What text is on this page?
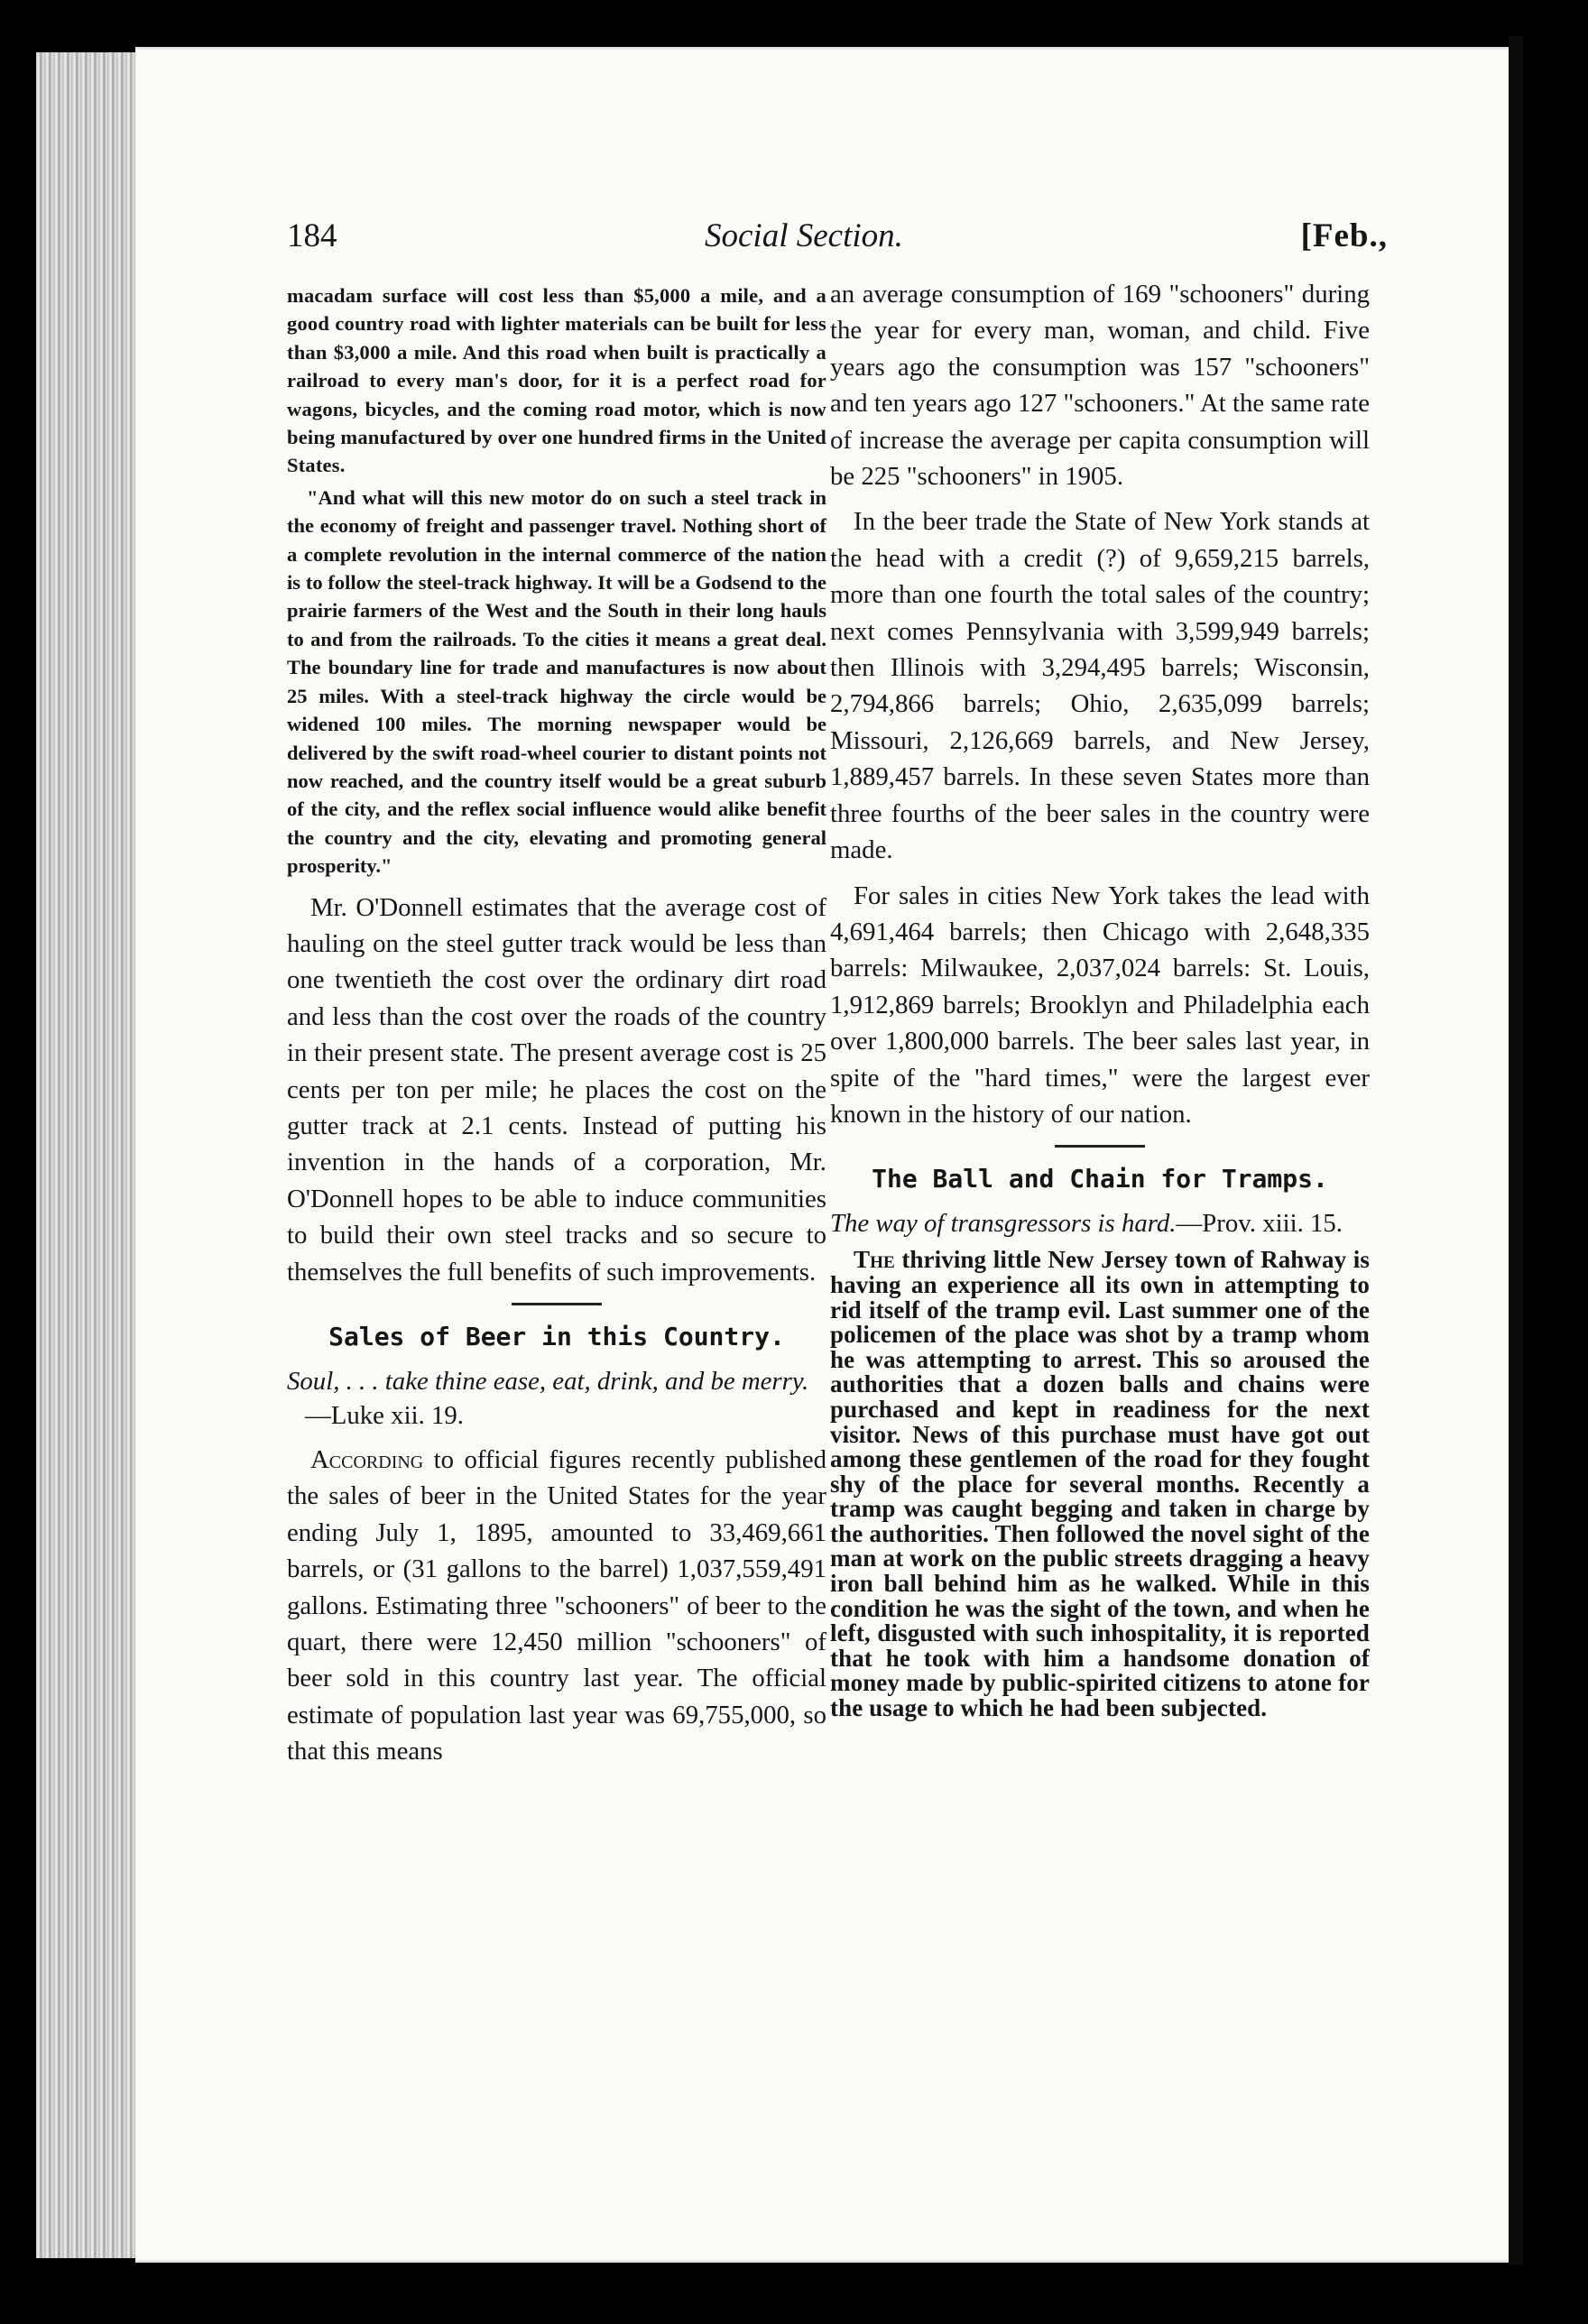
184	Social Section.	[Feb.,

macadam surface will cost less than $5,000 a mile, and a good country road with lighter materials can be built for less than $3,000 a mile. And this road when built is practically a railroad to every man's door, for it is a perfect road for wagons, bicycles, and the coming road motor, which is now being manufactured by over one hundred firms in the United States.

"And what will this new motor do on such a steel track in the economy of freight and passenger travel. Nothing short of a complete revolution in the internal commerce of the nation is to follow the steel-track highway. It will be a Godsend to the prairie farmers of the West and the South in their long hauls to and from the railroads. To the cities it means a great deal. The boundary line for trade and manufactures is now about 25 miles. With a steel-track highway the circle would be widened 100 miles. The morning newspaper would be delivered by the swift road-wheel courier to distant points not now reached, and the country itself would be a great suburb of the city, and the reflex social influence would alike benefit the country and the city, elevating and promoting general prosperity."

Mr. O'Donnell estimates that the average cost of hauling on the steel gutter track would be less than one twentieth the cost over the ordinary dirt road and less than the cost over the roads of the country in their present state. The present average cost is 25 cents per ton per mile; he places the cost on the gutter track at 2.1 cents. Instead of putting his invention in the hands of a corporation, Mr. O'Donnell hopes to be able to induce communities to build their own steel tracks and so secure to themselves the full benefits of such improvements.

Sales of Beer in this Country.

Soul, . . . take thine ease, eat, drink, and be merry.—Luke xii. 19.

According to official figures recently published the sales of beer in the United States for the year ending July 1, 1895, amounted to 33,469,661 barrels, or (31 gallons to the barrel) 1,037,559,491 gallons. Estimating three "schooners" of beer to the quart, there were 12,450 million "schooners" of beer sold in this country last year. The official estimate of population last year was 69,755,000, so that this means

an average consumption of 169 "schooners" during the year for every man, woman, and child. Five years ago the consumption was 157 "schooners" and ten years ago 127 "schooners." At the same rate of increase the average per capita consumption will be 225 "schooners" in 1905.

In the beer trade the State of New York stands at the head with a credit (?) of 9,659,215 barrels, more than one fourth the total sales of the country; next comes Pennsylvania with 3,599,949 barrels; then Illinois with 3,294,495 barrels; Wisconsin, 2,794,866 barrels; Ohio, 2,635,099 barrels; Missouri, 2,126,669 barrels, and New Jersey, 1,889,457 barrels. In these seven States more than three fourths of the beer sales in the country were made.

For sales in cities New York takes the lead with 4,691,464 barrels; then Chicago with 2,648,335 barrels: Milwaukee, 2,037,024 barrels: St. Louis, 1,912,869 barrels; Brooklyn and Philadelphia each over 1,800,000 barrels. The beer sales last year, in spite of the "hard times," were the largest ever known in the history of our nation.

The Ball and Chain for Tramps.

The way of transgressors is hard.—Prov. xiii. 15.

The thriving little New Jersey town of Rahway is having an experience all its own in attempting to rid itself of the tramp evil. Last summer one of the policemen of the place was shot by a tramp whom he was attempting to arrest. This so aroused the authorities that a dozen balls and chains were purchased and kept in readiness for the next visitor. News of this purchase must have got out among these gentlemen of the road for they fought shy of the place for several months. Recently a tramp was caught begging and taken in charge by the authorities. Then followed the novel sight of the man at work on the public streets dragging a heavy iron ball behind him as he walked. While in this condition he was the sight of the town, and when he left, disgusted with such inhospitality, it is reported that he took with him a handsome donation of money made by public-spirited citizens to atone for the usage to which he had been subjected.
